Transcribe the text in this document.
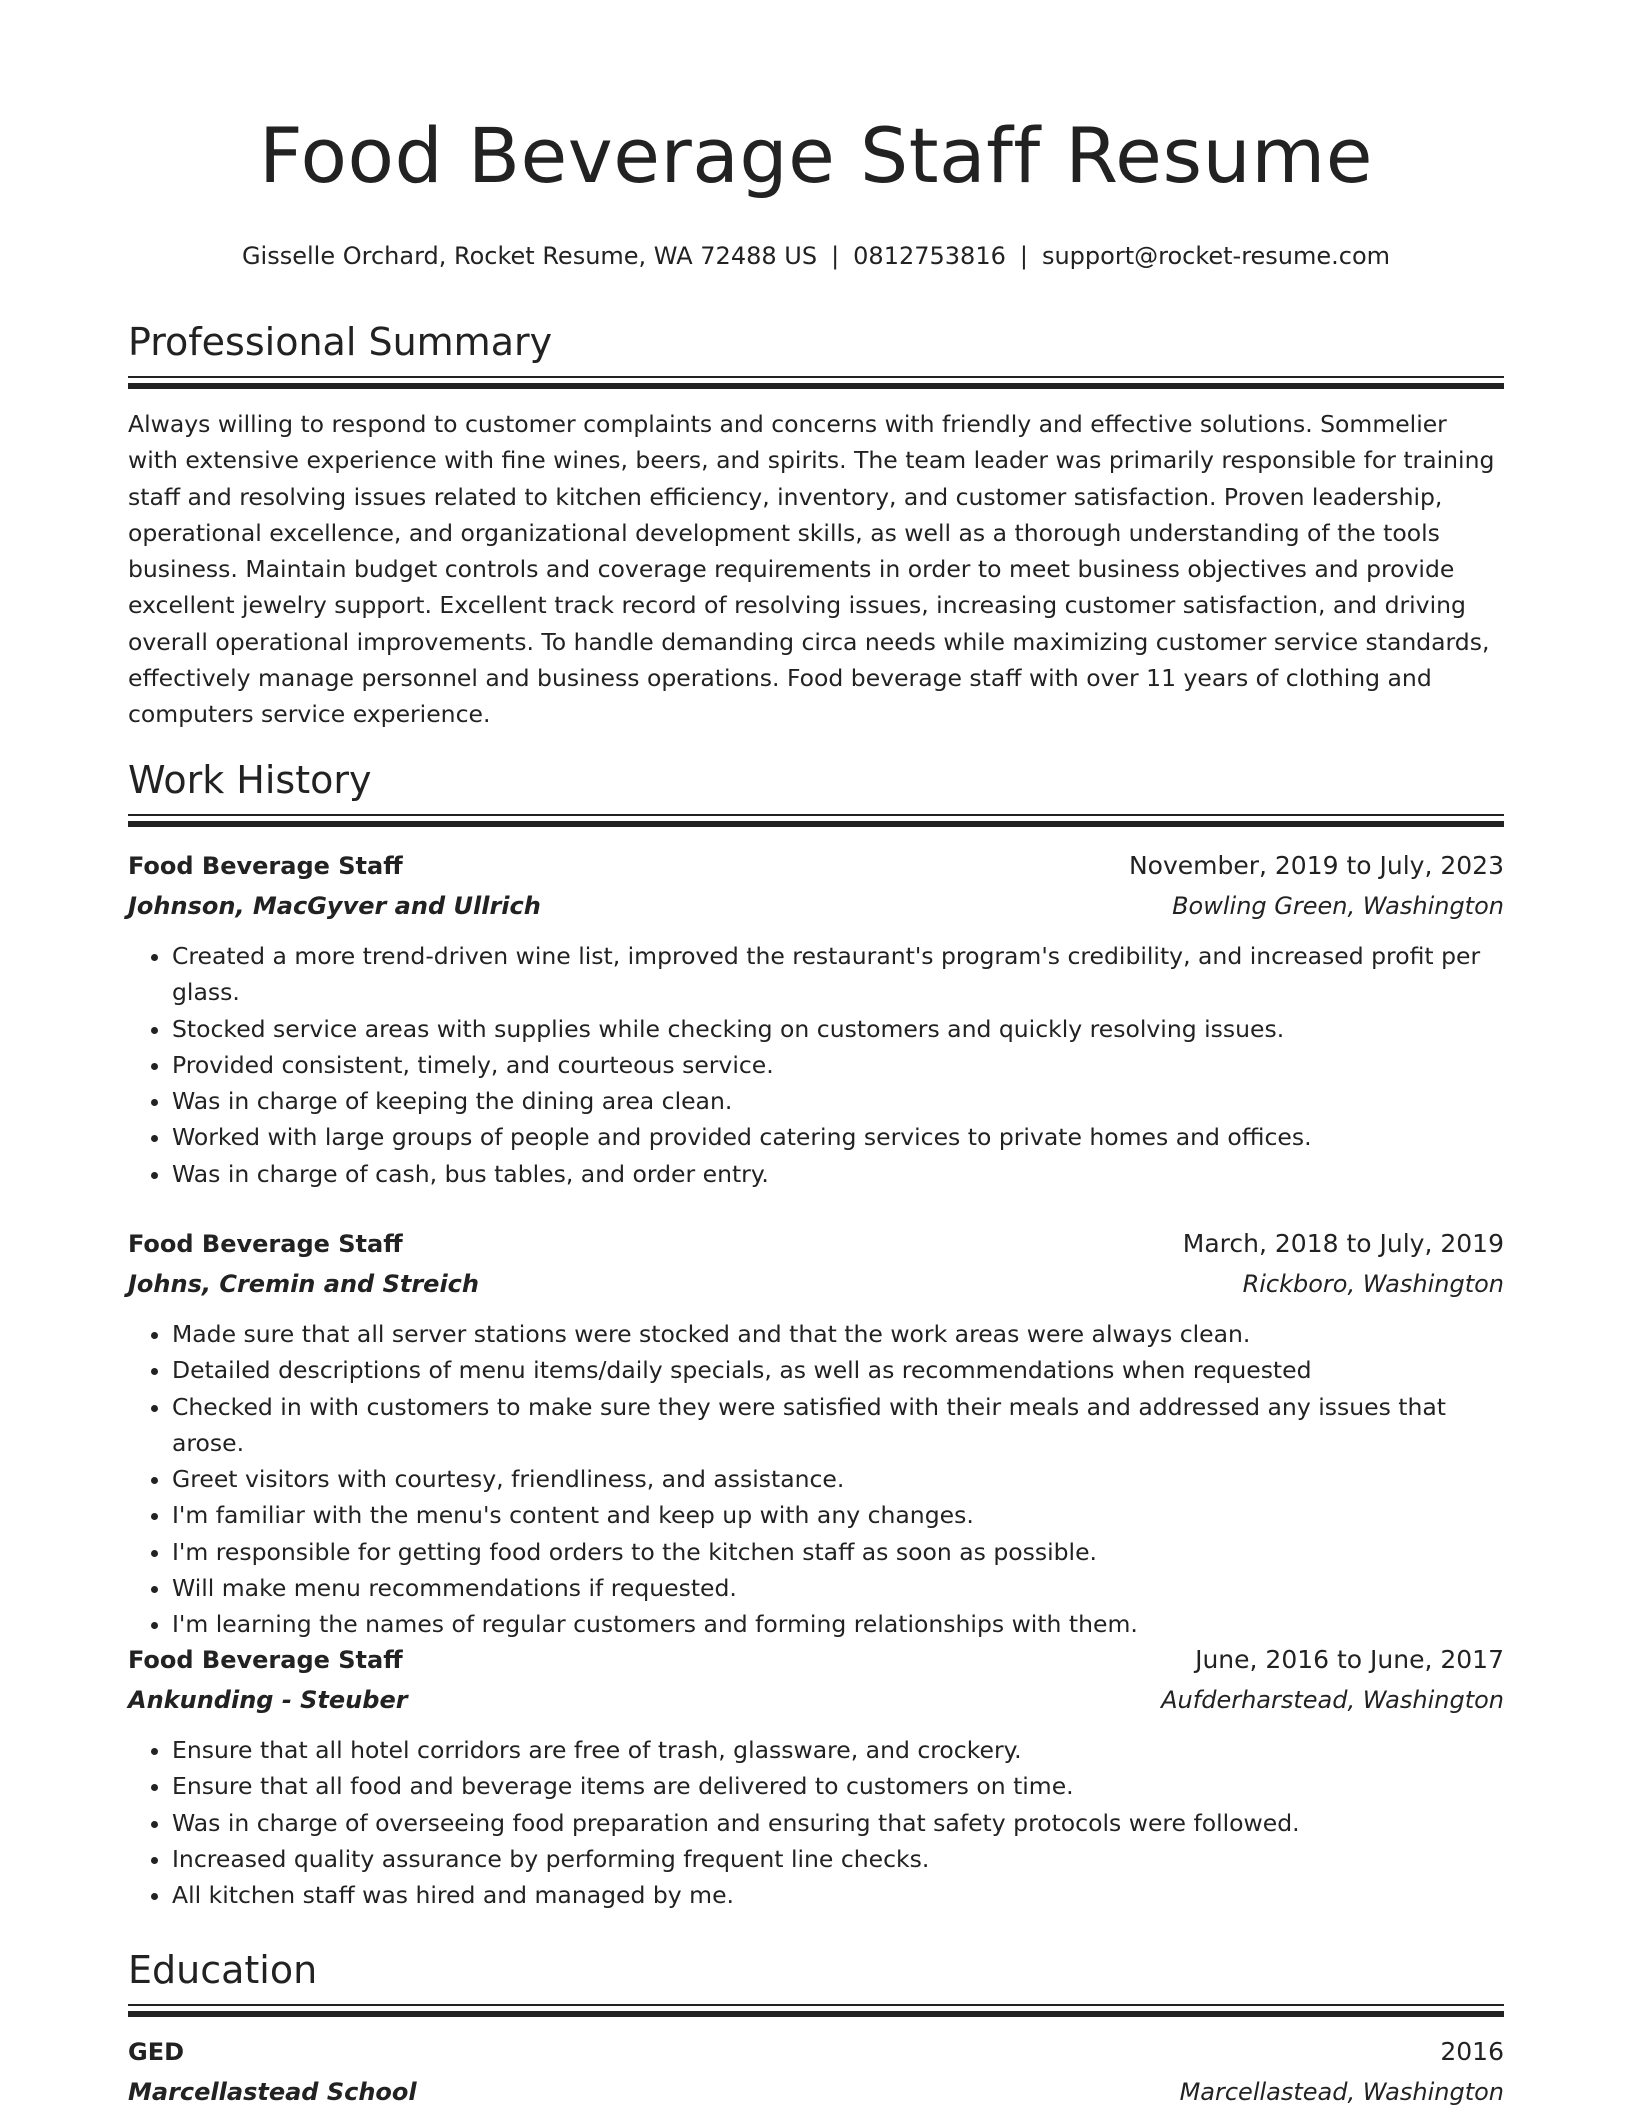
Food Beverage Staff Resume
Gisselle Orchard, Rocket Resume, WA 72488 US | 0812753816 | support@rocket-resume.com
Professional Summary

Always willing to respond to customer complaints and concerns with friendly and effective solutions. Sommelier with extensive experience with fine wines, beers, and spirits. The team leader was primarily responsible for training staff and resolving issues related to kitchen efficiency, inventory, and customer satisfaction. Proven leadership, operational excellence, and organizational development skills, as well as a thorough understanding of the tools business. Maintain budget controls and coverage requirements in order to meet business objectives and provide excellent jewelry support. Excellent track record of resolving issues, increasing customer satisfaction, and driving overall operational improvements. To handle demanding circa needs while maximizing customer service standards, effectively manage personnel and business operations. Food beverage staff with over 11 years of clothing and computers service experience.

Work History
Food Beverage Staff	November, 2019 to July, 2023
Johnson, MacGyver and Ullrich	Bowling Green, Washington
• Created a more trend-driven wine list, improved the restaurant's program's credibility, and increased profit per glass.
• Stocked service areas with supplies while checking on customers and quickly resolving issues.
• Provided consistent, timely, and courteous service.
• Was in charge of keeping the dining area clean.
• Worked with large groups of people and provided catering services to private homes and offices.
• Was in charge of cash, bus tables, and order entry.
Food Beverage Staff	March, 2018 to July, 2019
Johns, Cremin and Streich	Rickboro, Washington
• Made sure that all server stations were stocked and that the work areas were always clean.
• Detailed descriptions of menu items/daily specials, as well as recommendations when requested
• Checked in with customers to make sure they were satisfied with their meals and addressed any issues that arose.
• Greet visitors with courtesy, friendliness, and assistance.
• I'm familiar with the menu's content and keep up with any changes.
• I'm responsible for getting food orders to the kitchen staff as soon as possible.
• Will make menu recommendations if requested.
• I'm learning the names of regular customers and forming relationships with them.
Food Beverage Staff	June, 2016 to June, 2017
Ankunding - Steuber	Aufderharstead, Washington
• Ensure that all hotel corridors are free of trash, glassware, and crockery.
• Ensure that all food and beverage items are delivered to customers on time.
• Was in charge of overseeing food preparation and ensuring that safety protocols were followed.
• Increased quality assurance by performing frequent line checks.
• All kitchen staff was hired and managed by me.
Education
GED	2016
Marcellastead School	Marcellastead, Washington
